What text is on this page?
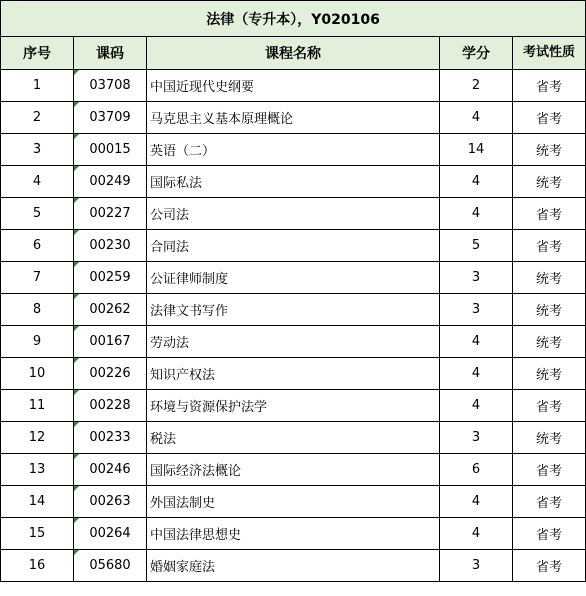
法律（专升本），Y020106				
序号	课码	课程名称	学分	考试性质
1	03708	中国近现代史纲要	2	省考
2	03709	马克思主义基本原理概论	4	省考
3	00015	英语（二）	14	统考
4	00249	国际私法	4	统考
5	00227	公司法	4	省考
6	00230	合同法	5	省考
7	00259	公证律师制度	3	统考
8	00262	法律文书写作	3	统考
9	00167	劳动法	4	统考
10	00226	知识产权法	4	统考
11	00228	环境与资源保护法学	4	省考
12	00233	税法	3	统考
13	00246	国际经济法概论	6	省考
14	00263	外国法制史	4	省考
15	00264	中国法律思想史	4	省考
16	05680	婚姻家庭法	3	省考
